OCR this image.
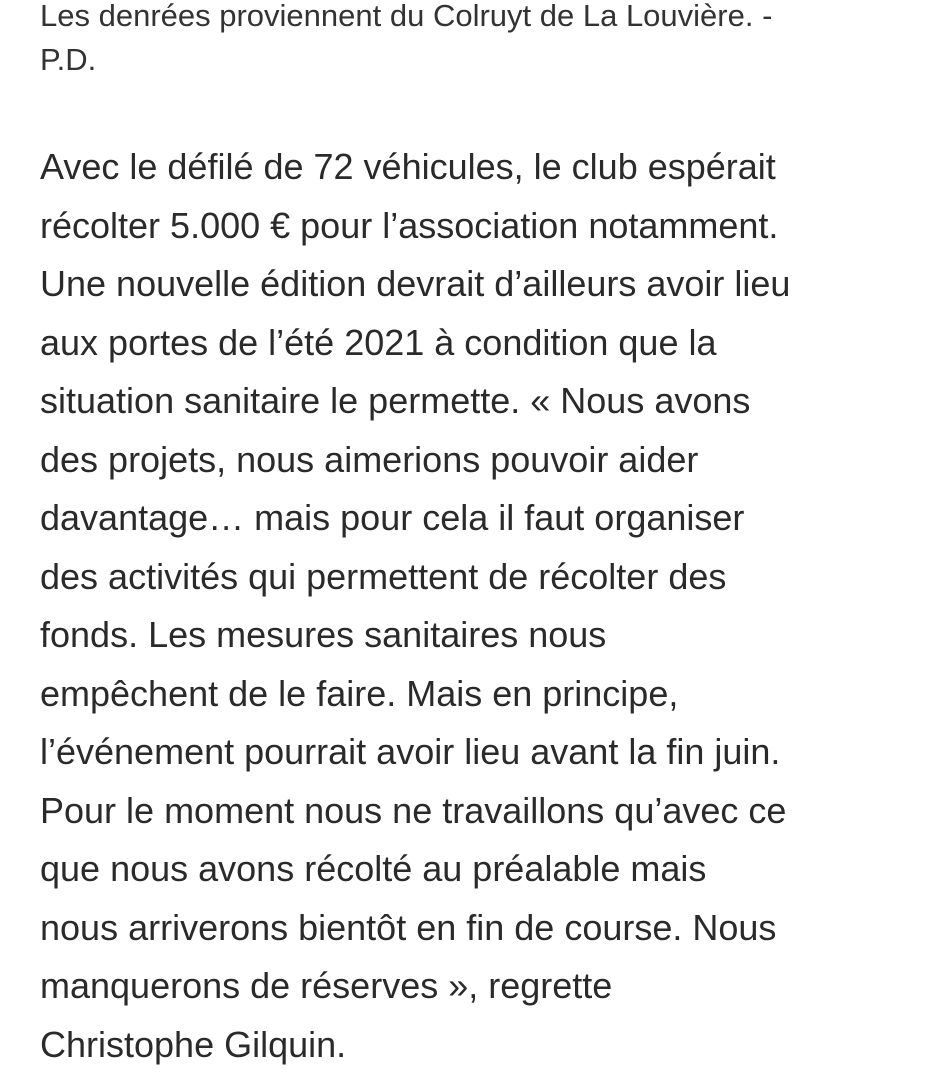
Les denrées proviennent du Colruyt de La Louvière. -
P.D.
Avec le défilé de 72 véhicules, le club espérait
récolter 5.000 € pour l’association notamment.
Une nouvelle édition devrait d’ailleurs avoir lieu
aux portes de l’été 2021 à condition que la
situation sanitaire le permette. « Nous avons
des projets, nous aimerions pouvoir aider
davantage… mais pour cela il faut organiser
des activités qui permettent de récolter des
fonds. Les mesures sanitaires nous
empêchent de le faire. Mais en principe,
l’événement pourrait avoir lieu avant la fin juin.
Pour le moment nous ne travaillons qu’avec ce
que nous avons récolté au préalable mais
nous arriverons bientôt en fin de course. Nous
manquerons de réserves », regrette
Christophe Gilquin.
